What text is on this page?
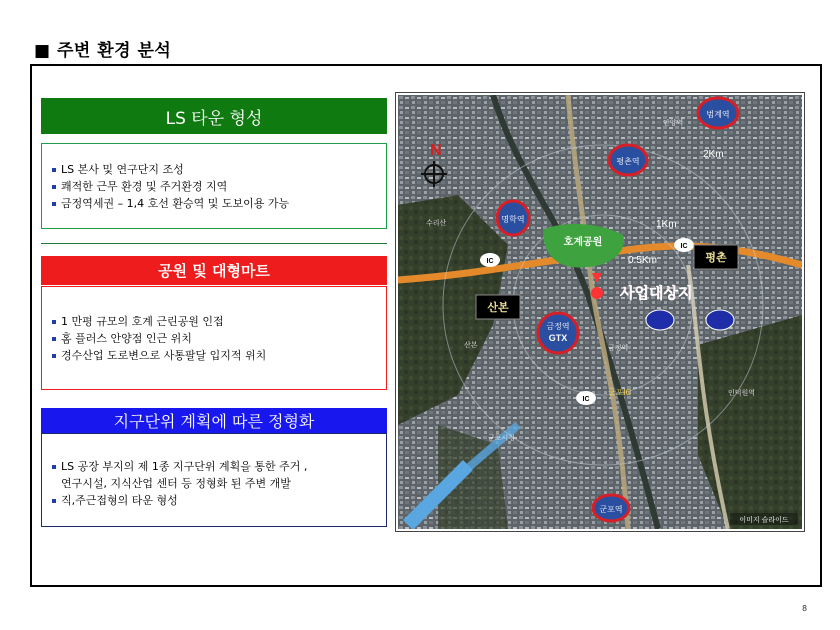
■ 주변 환경 분석
LS 타운 형성
LS 본사 및 연구단지 조성
쾌적한 근무 환경 및 주거환경 지역
금정역세권 – 1,4 호선 환승역 및 도보이용 가능
공원 및 대형마트
1 만평 규모의 호계 근린공원 인접
홈 플러스 안양점 인근 위치
경수산업 도로변으로 사통팔달 입지적 위치
지구단위 계획에 따른 정형화
LS 공장 부지의 제 1종 지구단위 계획을 통한 주거 ,
연구시설, 지식산업 센터 등 정형화 된 주변 개발
직,주근접형의 타운 형성
호계공원
N
범계역
평촌역
명학역
금정역
GTX
군포역
IC
IC
IC
산본
평촌
사업대상지
2Km
1Km
0.5Km
산본
군포시청
금정역
인덕원역
안양역
수리산
군포IC
이미지 슬라이드
8
